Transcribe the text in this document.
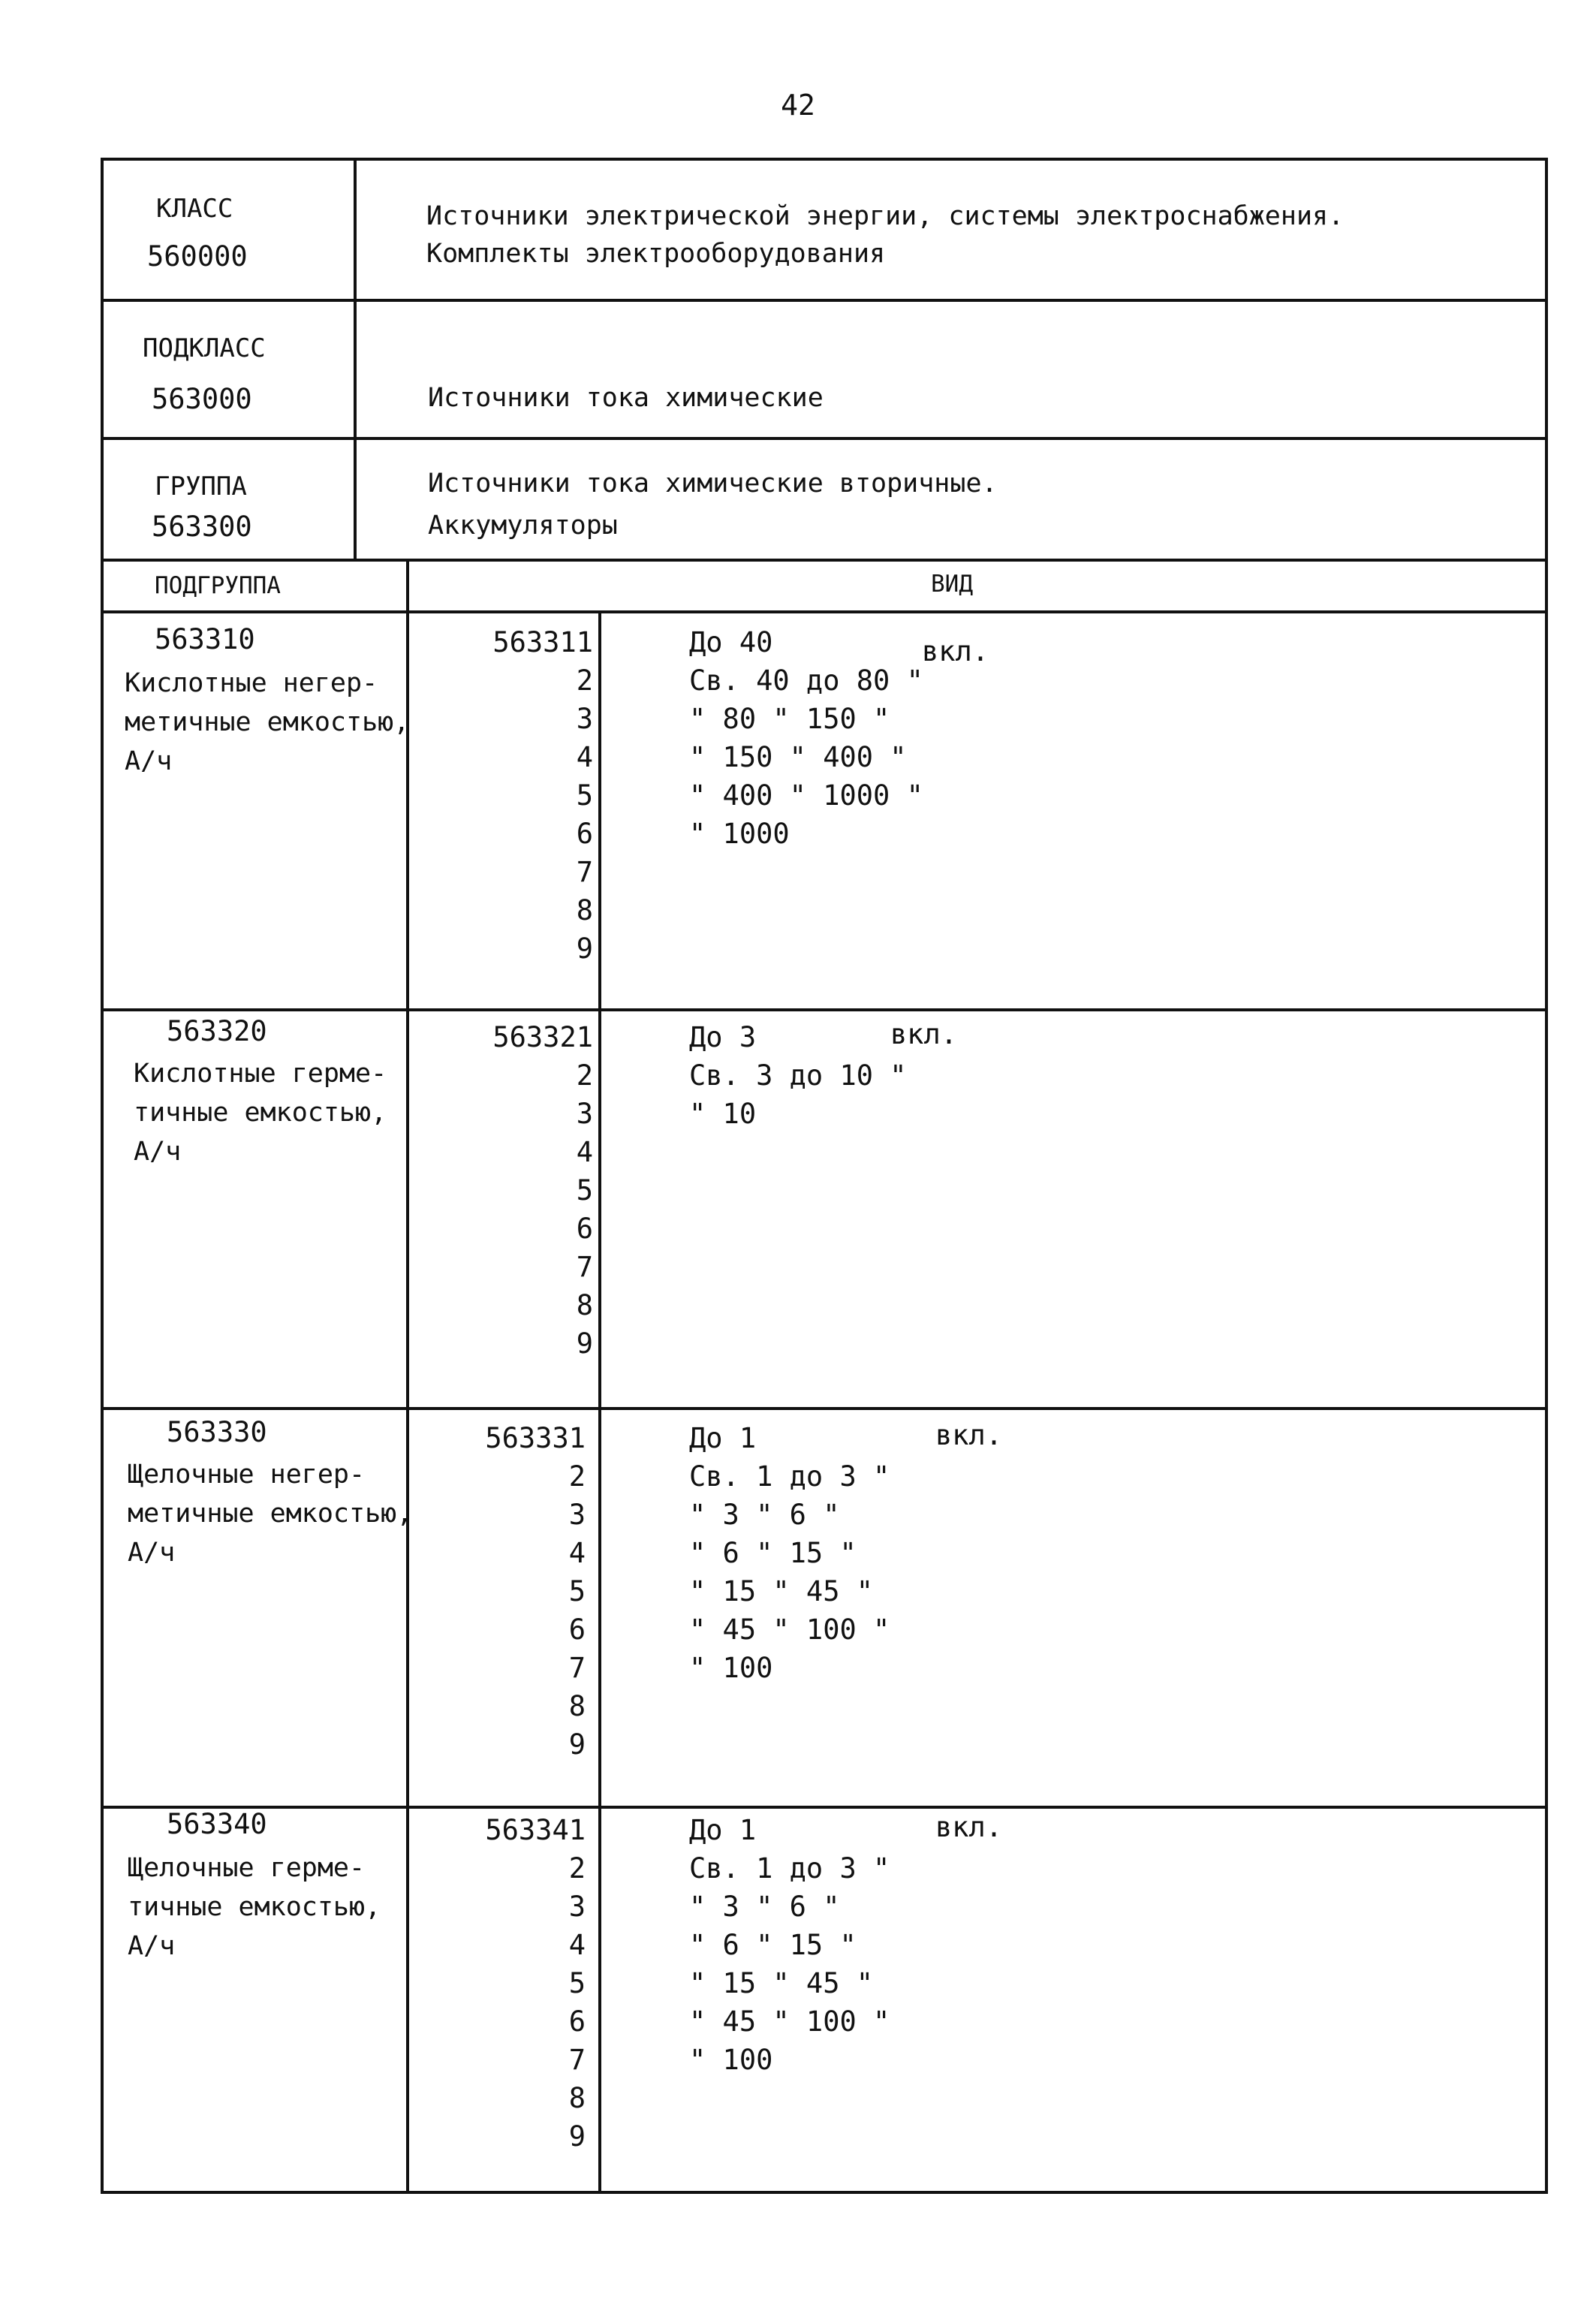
42
КЛАСС
560000
Источники электрической энергии, системы электроснабжения.
Комплекты электрооборудования
ПОДКЛАСС
563000	Источники тока химические
ГРУППА
563300
Источники тока химические вторичные.
Аккумуляторы
ПОДГРУППА	ВИД
563310
Кислотные негер-
метичные емкостью,
А/ч
563311
2
3
4
5
6
7
8
9
До 40
Св. 40 до 80 "
" 80 " 150 "
" 150 " 400 "
" 400 " 1000 "
" 1000
вкл.
563320
Кислотные герме-
тичные емкостью,
А/ч
563321
2
3
4
5
6
7
8
9
До 3
Св. 3 до 10 "
" 10
вкл.
563330
Щелочные негер-
метичные емкостью,
А/ч
563331
2
3
4
5
6
7
8
9
До 1
Св. 1 до 3 "
" 3 " 6 "
" 6 " 15 "
" 15 " 45 "
" 45 " 100 "
" 100
вкл.
563340
Щелочные герме-
тичные емкостью,
А/ч
563341
2
3
4
5
6
7
8
9
До 1
Св. 1 до 3 "
" 3 " 6 "
" 6 " 15 "
" 15 " 45 "
" 45 " 100 "
" 100
вкл.
